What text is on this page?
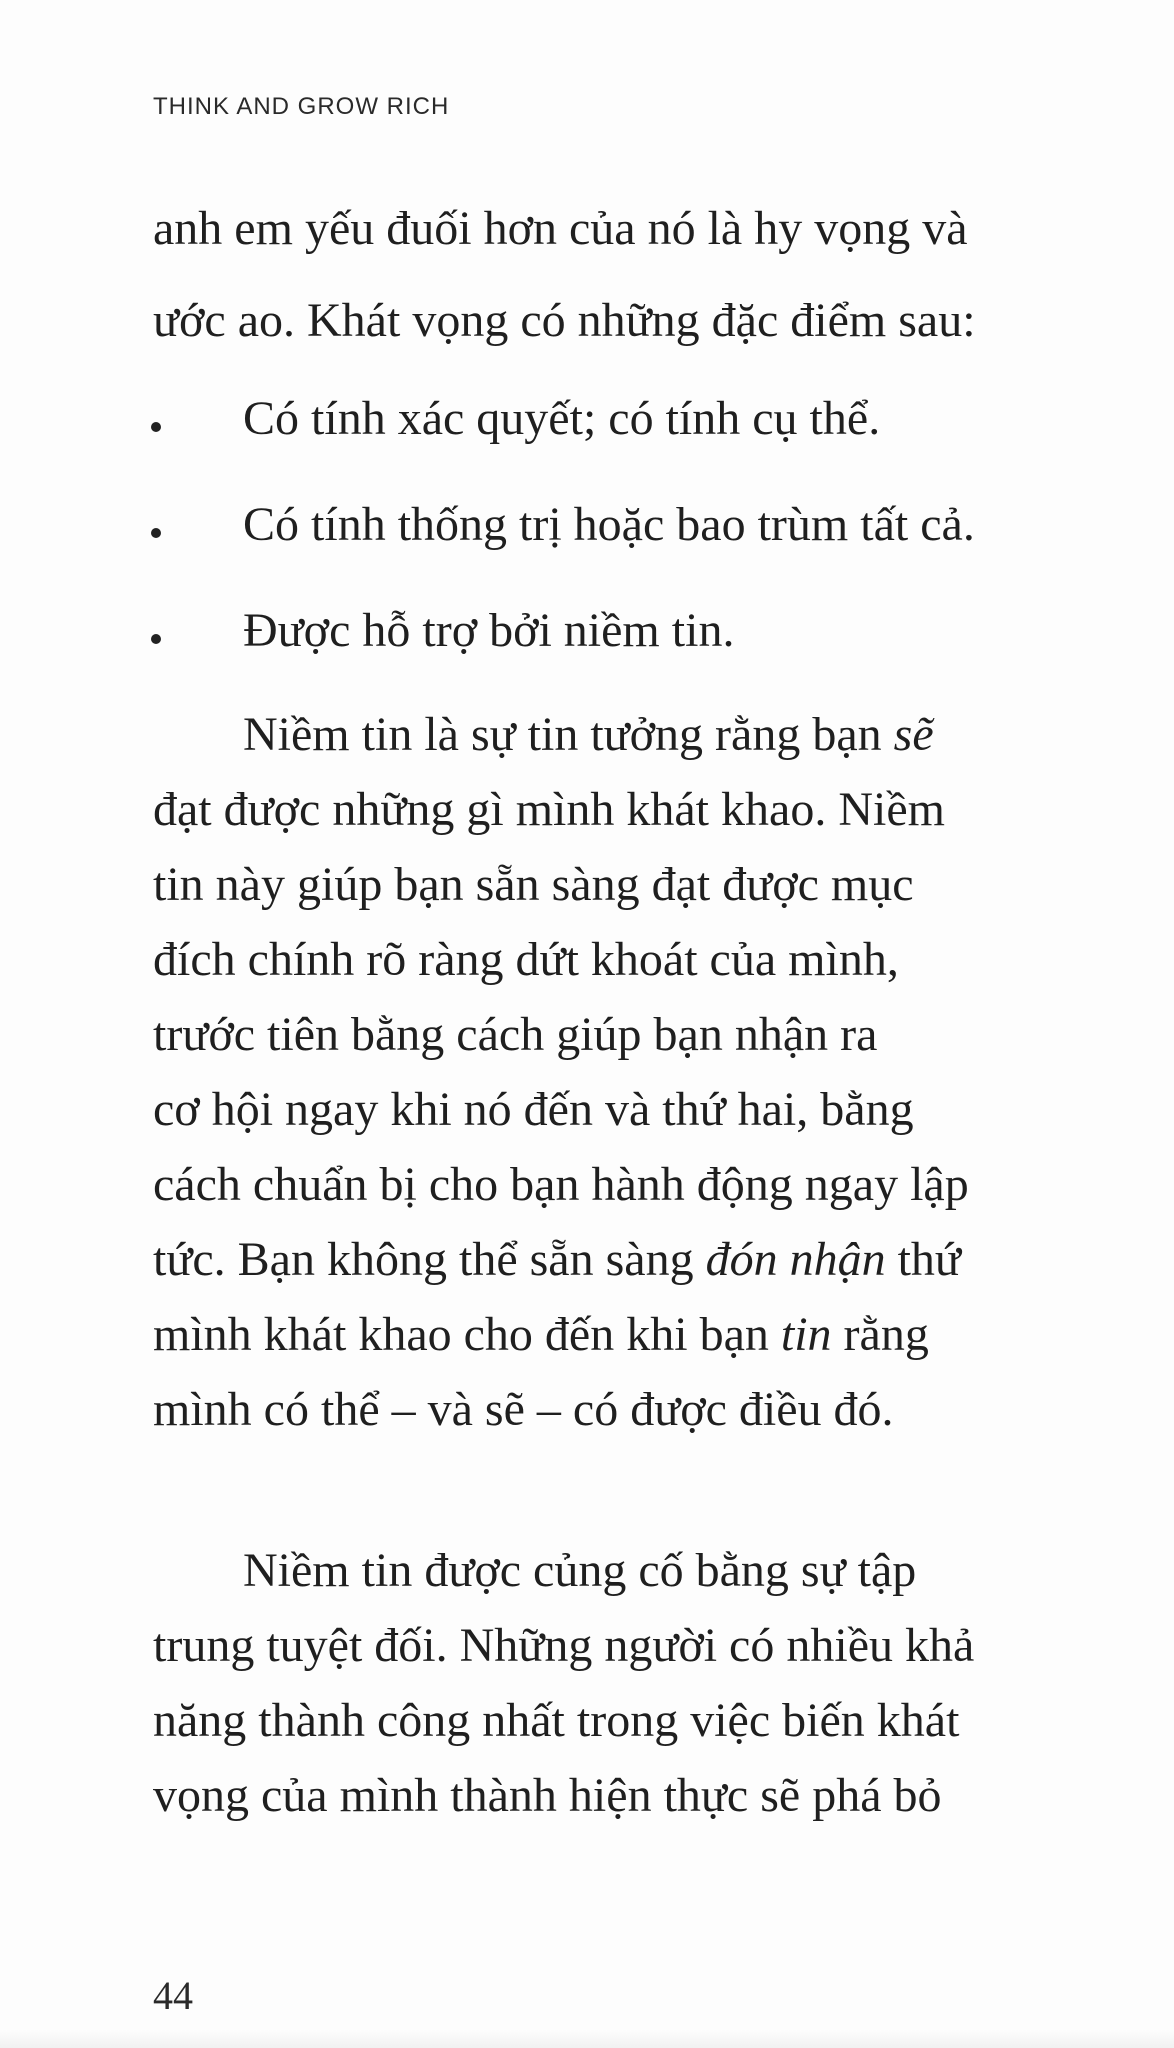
THINK AND GROW RICH

anh em yếu đuối hơn của nó là hy vọng và

ước ao. Khát vọng có những đặc điểm sau:

Có tính xác quyết; có tính cụ thể.

Có tính thống trị hoặc bao trùm tất cả.

Được hỗ trợ bởi niềm tin.

Niềm tin là sự tin tưởng rằng bạn sẽ

đạt được những gì mình khát khao. Niềm

tin này giúp bạn sẵn sàng đạt được mục

đích chính rõ ràng dứt khoát của mình,

trước tiên bằng cách giúp bạn nhận ra

cơ hội ngay khi nó đến và thứ hai, bằng

cách chuẩn bị cho bạn hành động ngay lập

tức. Bạn không thể sẵn sàng đón nhận thứ

mình khát khao cho đến khi bạn tin rằng

mình có thể – và sẽ – có được điều đó.

Niềm tin được củng cố bằng sự tập

trung tuyệt đối. Những người có nhiều khả

năng thành công nhất trong việc biến khát

vọng của mình thành hiện thực sẽ phá bỏ

44
